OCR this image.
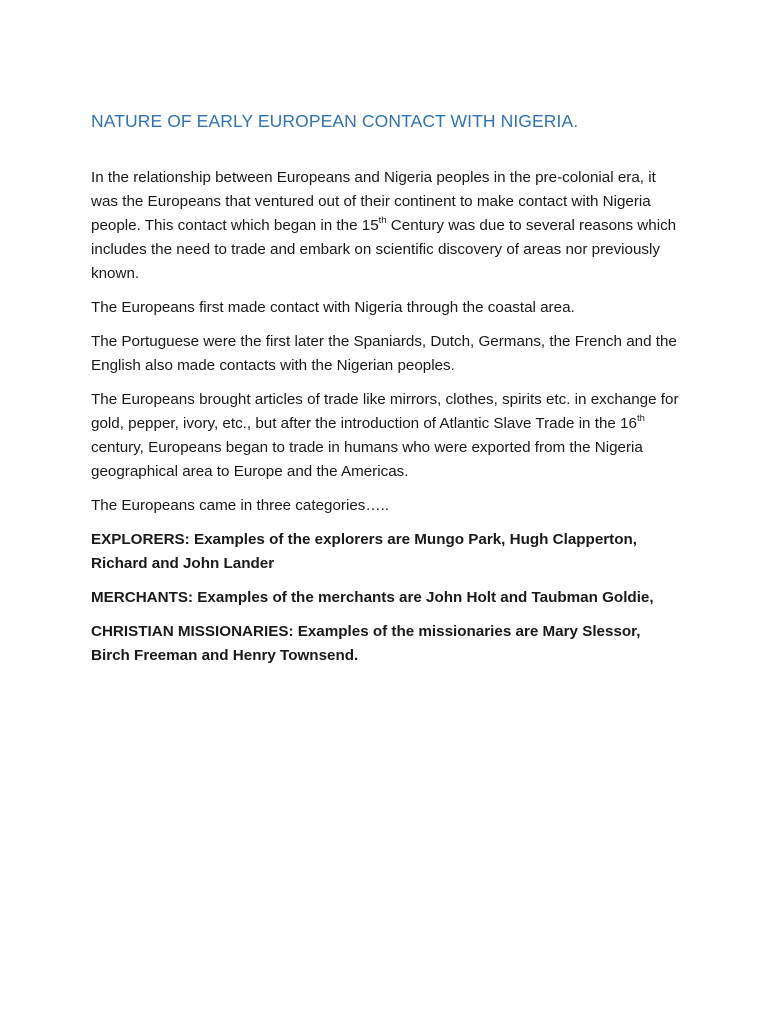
NATURE OF EARLY EUROPEAN CONTACT WITH NIGERIA.

In the relationship between Europeans and Nigeria peoples in the pre-colonial era, it was the Europeans that ventured out of their continent to make contact with Nigeria people. This contact which began in the 15th Century was due to several reasons which includes the need to trade and embark on scientific discovery of areas nor previously known.

The Europeans first made contact with Nigeria through the coastal area.

The Portuguese were the first later the Spaniards, Dutch, Germans, the French and the English also made contacts with the Nigerian peoples.

The Europeans brought articles of trade like mirrors, clothes, spirits etc. in exchange for gold, pepper, ivory, etc., but after the introduction of Atlantic Slave Trade in the 16th century, Europeans began to trade in humans who were exported from the Nigeria geographical area to Europe and the Americas.

The Europeans came in three categories…..

EXPLORERS: Examples of the explorers are Mungo Park, Hugh Clapperton, Richard and John Lander

MERCHANTS: Examples of the merchants are John Holt and Taubman Goldie,

CHRISTIAN MISSIONARIES: Examples of the missionaries are Mary Slessor, Birch Freeman and Henry Townsend.
